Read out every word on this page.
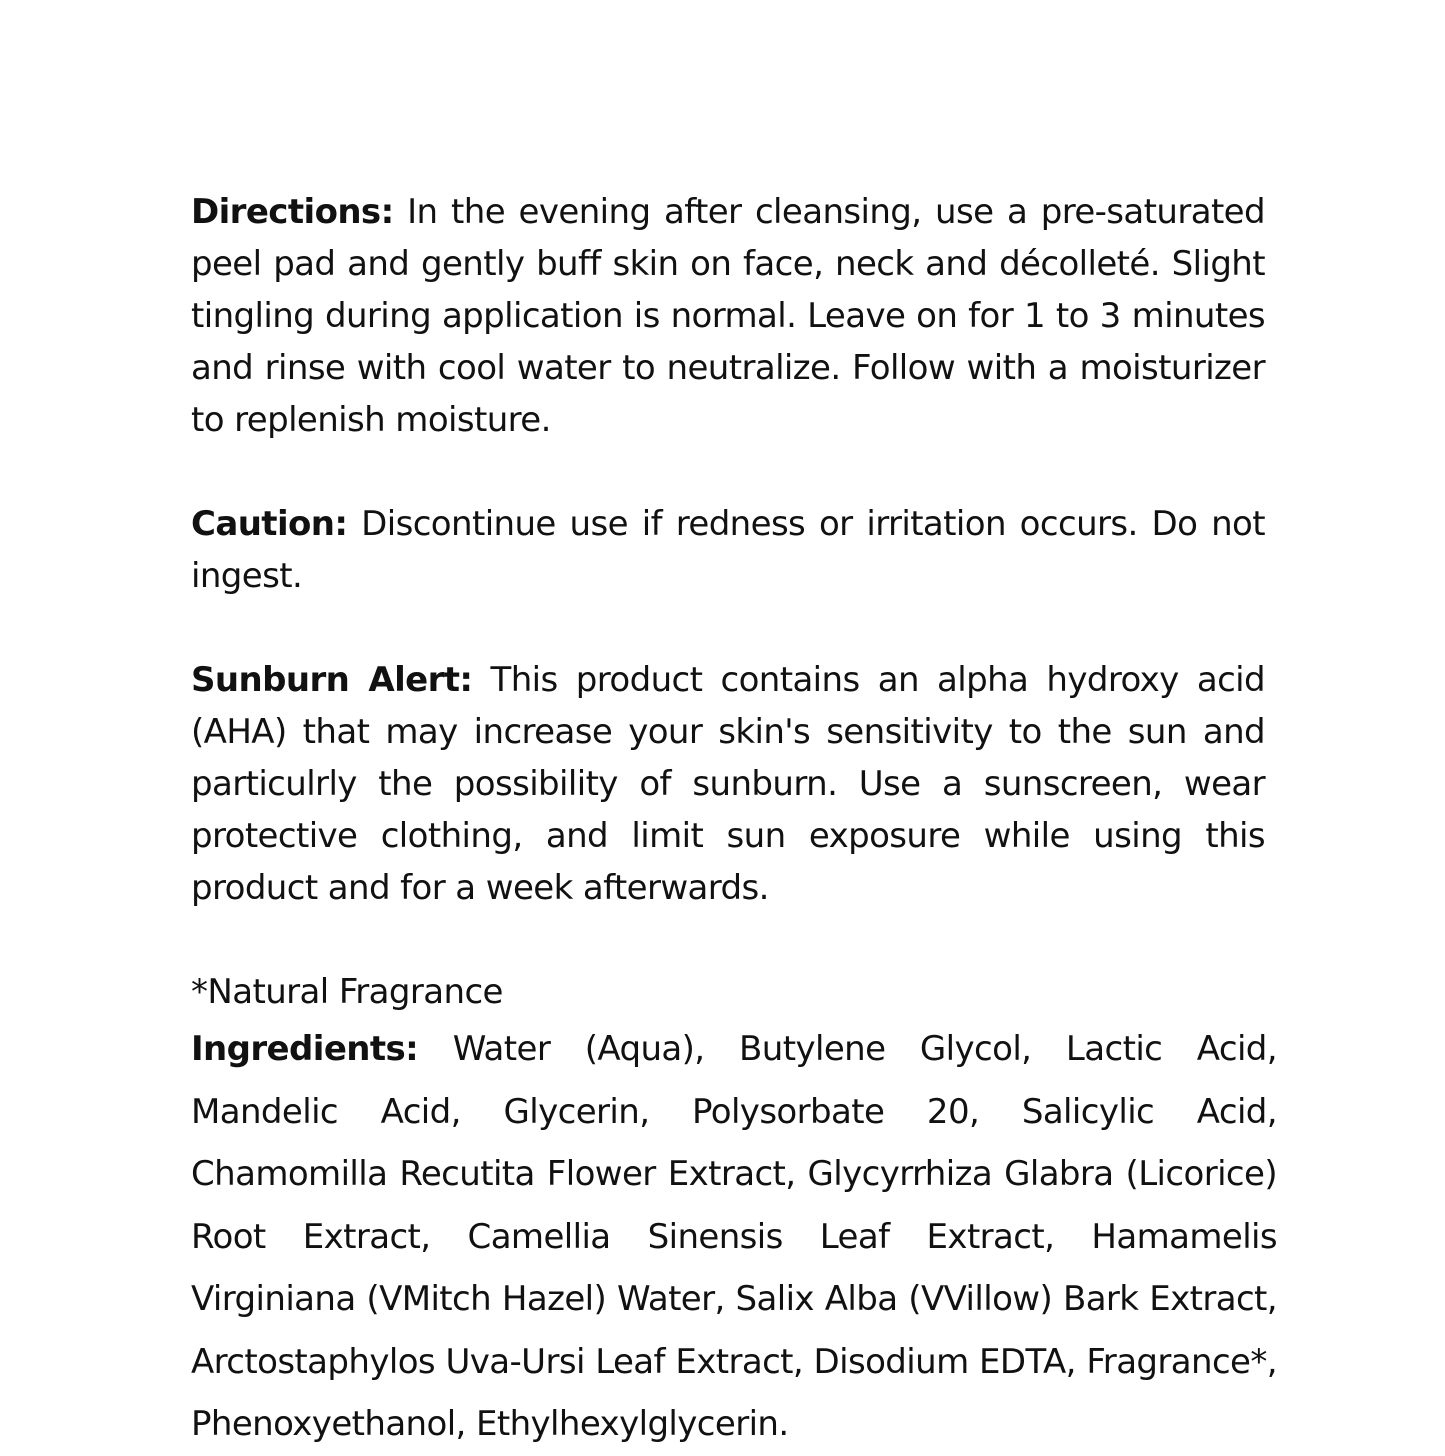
Directions: In the evening after cleansing, use a pre-saturated peel pad and gently buff skin on face, neck and décolleté. Slight tingling during application is normal. Leave on for 1 to 3 minutes and rinse with cool water to neutralize. Follow with a moisturizer to replenish moisture.

Caution: Discontinue use if redness or irritation occurs. Do not ingest.

Sunburn Alert: This product contains an alpha hydroxy acid (AHA) that may increase your skin's sensitivity to the sun and particulrly the possibility of sunburn. Use a sunscreen, wear protective clothing, and limit sun exposure while using this product and for a week afterwards.

*Natural Fragrance

Ingredients: Water (Aqua), Butylene Glycol, Lactic Acid, Mandelic Acid, Glycerin, Polysorbate 20, Salicylic Acid, Chamomilla Recutita Flower Extract, Glycyrrhiza Glabra (Licorice) Root Extract, Camellia Sinensis Leaf Extract, Hamamelis Virginiana (VMitch Hazel) Water, Salix Alba (VVillow) Bark Extract, Arctostaphylos Uva-Ursi Leaf Extract, Disodium EDTA, Fragrance*, Phenoxyethanol, Ethylhexylglycerin.
